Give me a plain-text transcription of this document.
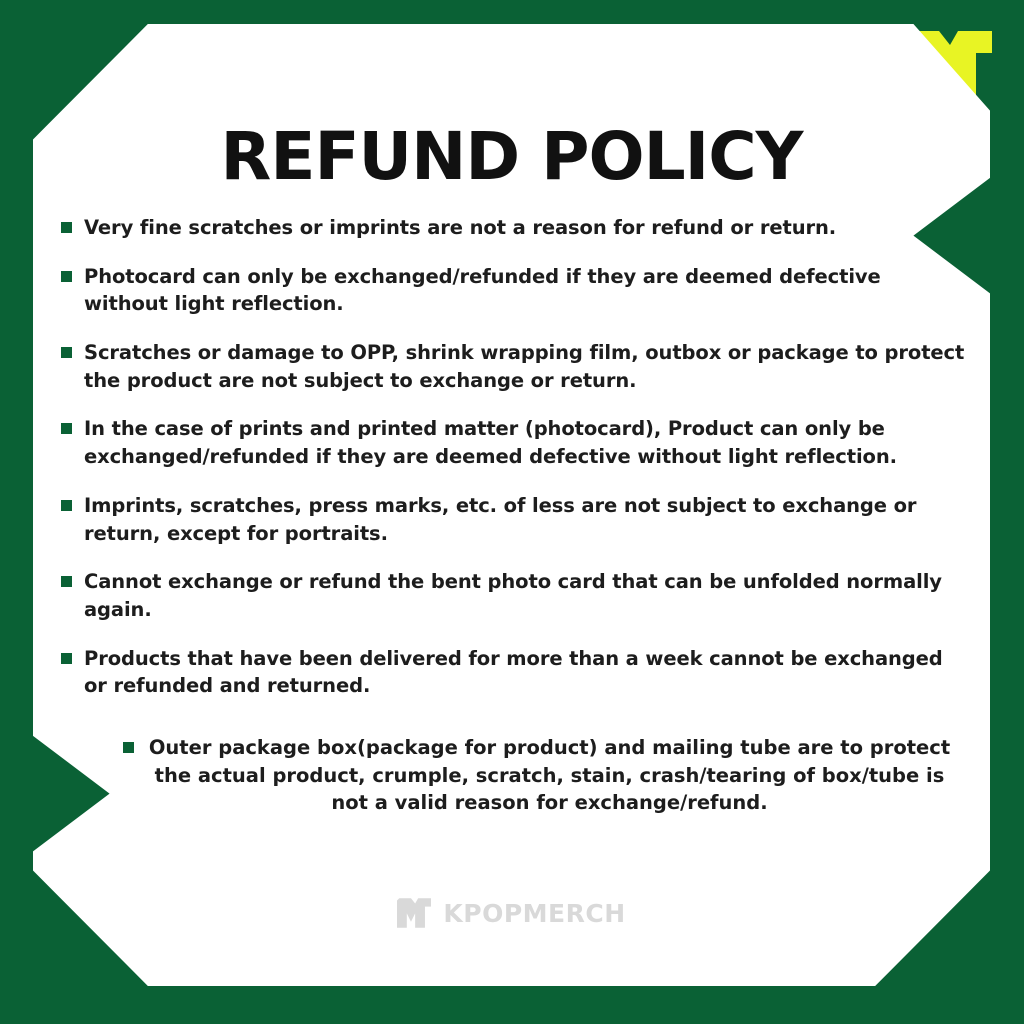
REFUND POLICY
Very fine scratches or imprints are not a reason for refund or return.
Photocard can only be exchanged/refunded if they are deemed defective without light reflection.
Scratches or damage to OPP, shrink wrapping film, outbox or package to protect the product are not subject to exchange or return.
In the case of prints and printed matter (photocard), Product can only be exchanged/refunded if they are deemed defective without light reflection.
Imprints, scratches, press marks, etc. of less are not subject to exchange or return, except for portraits.
Cannot exchange or refund the bent photo card that can be unfolded normally again.
Products that have been delivered for more than a week cannot be exchanged or refunded and returned.
Outer package box(package for product) and mailing tube are to protect the actual product, crumple, scratch, stain, crash/tearing of box/tube is not a valid reason for exchange/refund.
KPOPMERCH
